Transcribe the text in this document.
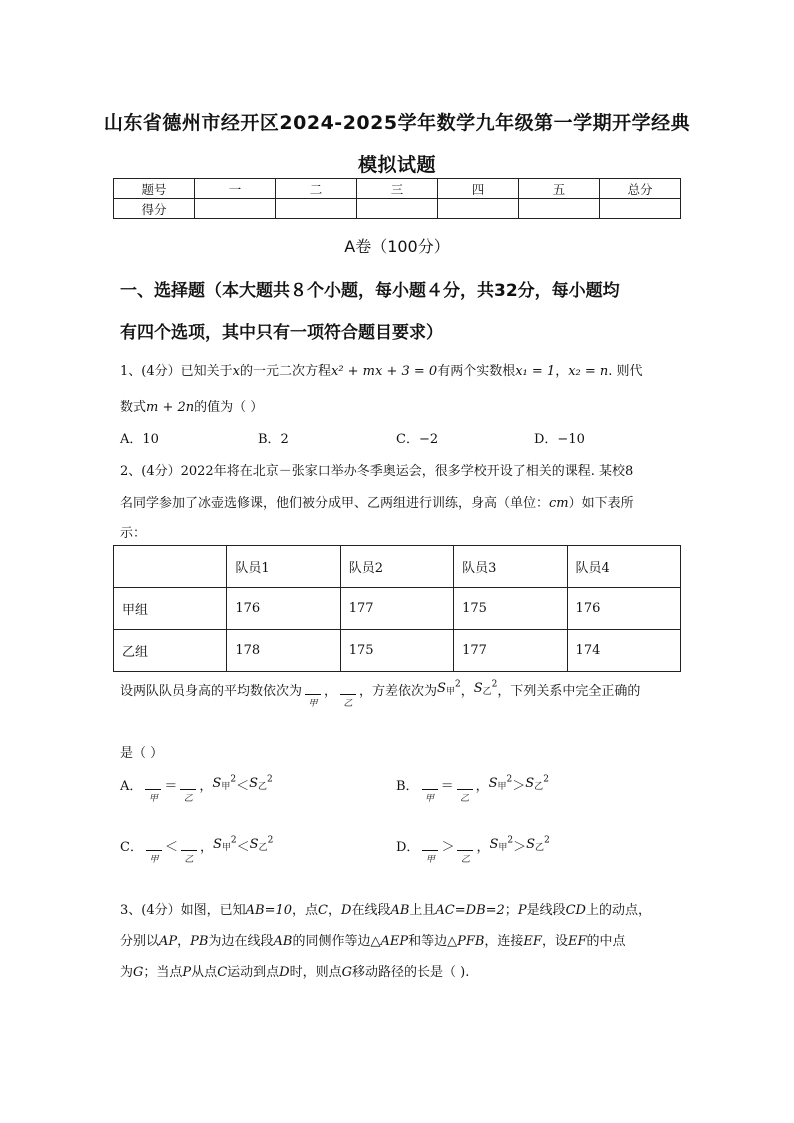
山东省德州市经开区2024-2025学年数学九年级第一学期开学经典
模拟试题
题号	一	二	三	四	五	总分
得分						
A卷（100分）
一、选择题（本大题共８个小题，每小题４分，共32分，每小题均
有四个选项，其中只有一项符合题目要求）
1、(4分）已知关于x的一元二次方程x² + mx + 3 = 0有两个实数根x₁ = 1，x₂ = n. 则代
数式m + 2n的值为（ ）
A．10	B．2	C．−2	D．−10
2、(4分）2022年将在北京－张家口举办冬季奥运会，很多学校开设了相关的课程. 某校8
名同学参加了冰壶选修课，他们被分成甲、乙两组进行训练，身高（单位：cm）如下表所
示：
	队员1	队员2	队员3	队员4
甲组	176	177	175	176
乙组	178	175	177	174
设两队队员身高的平均数依次为
甲
，
乙
，方差依次为$S_甲^2$，$S_乙^2$，下列关系中完全正确的
是（ ）
A．
甲
＝
乙
，$S_甲^2<S_乙^2$	B．
甲
＝
乙
，$S_甲^2>S_乙^2$
C．
甲
＜
乙
，$S_甲^2<S_乙^2$	D．
甲
＞
乙
，$S_甲^2>S_乙^2$
3、(4分）如图，已知AB=10，点C，D在线段AB上且AC=DB=2；P是线段CD上的动点，
分别以AP，PB为边在线段AB的同侧作等边△AEP和等边△PFB，连接EF，设EF的中点
为G；当点P从点C运动到点D时，则点G移动路径的长是（ ).
